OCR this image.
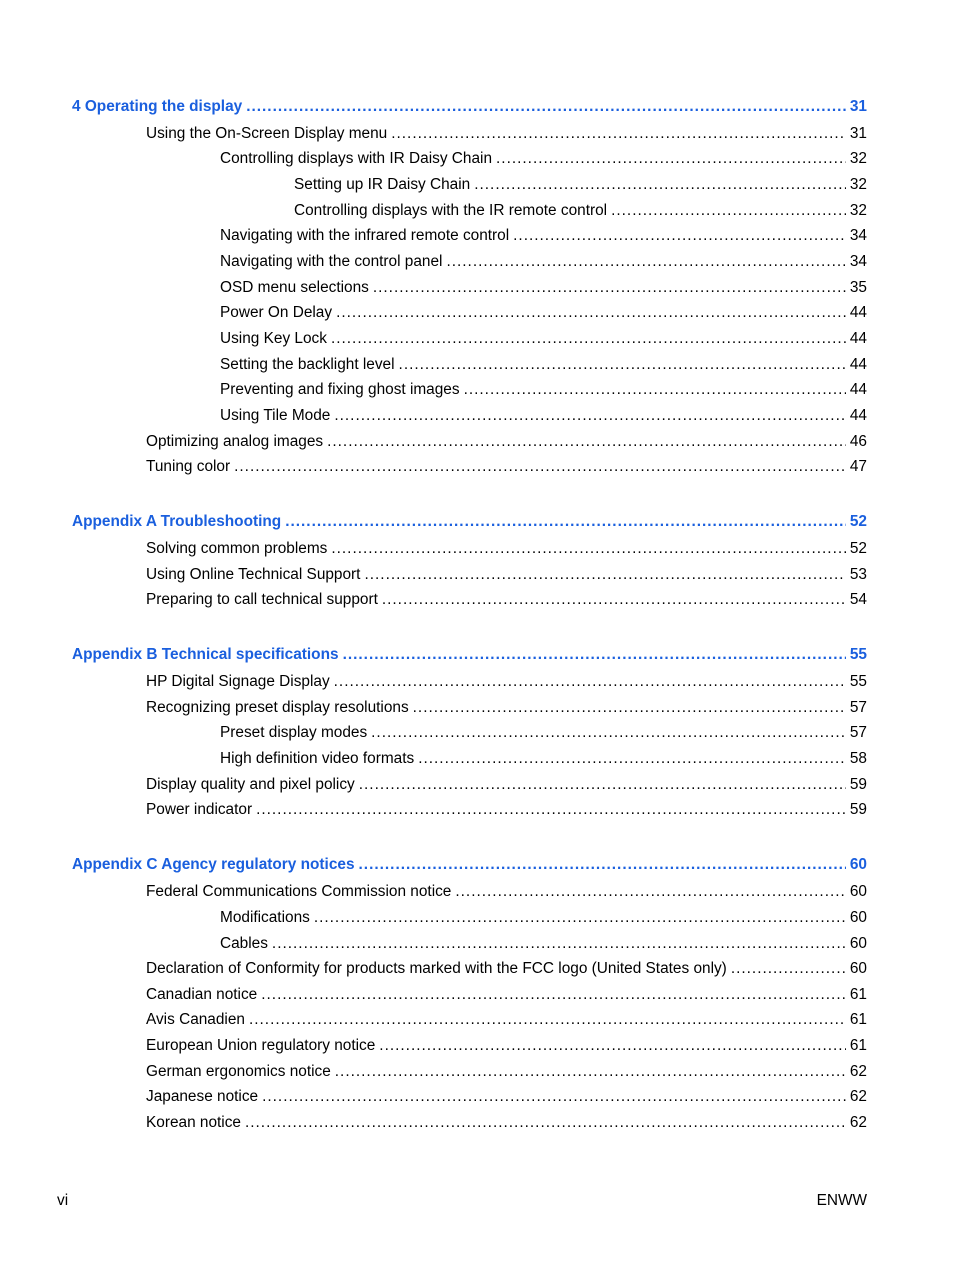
4 Operating the display .....	31
Using the On-Screen Display menu .....	31
Controlling displays with IR Daisy Chain .....	32
Setting up IR Daisy Chain .....	32
Controlling displays with the IR remote control .....	32
Navigating with the infrared remote control .....	34
Navigating with the control panel .....	34
OSD menu selections .....	35
Power On Delay .....	44
Using Key Lock .....	44
Setting the backlight level .....	44
Preventing and fixing ghost images .....	44
Using Tile Mode .....	44
Optimizing analog images .....	46
Tuning color .....	47
Appendix A Troubleshooting .....	52
Solving common problems .....	52
Using Online Technical Support .....	53
Preparing to call technical support .....	54
Appendix B Technical specifications .....	55
HP Digital Signage Display .....	55
Recognizing preset display resolutions .....	57
Preset display modes .....	57
High definition video formats .....	58
Display quality and pixel policy .....	59
Power indicator .....	59
Appendix C Agency regulatory notices .....	60
Federal Communications Commission notice .....	60
Modifications .....	60
Cables .....	60
Declaration of Conformity for products marked with the FCC logo (United States only) .....	60
Canadian notice .....	61
Avis Canadien .....	61
European Union regulatory notice .....	61
German ergonomics notice .....	62
Japanese notice .....	62
Korean notice .....	62
vi	ENWW
